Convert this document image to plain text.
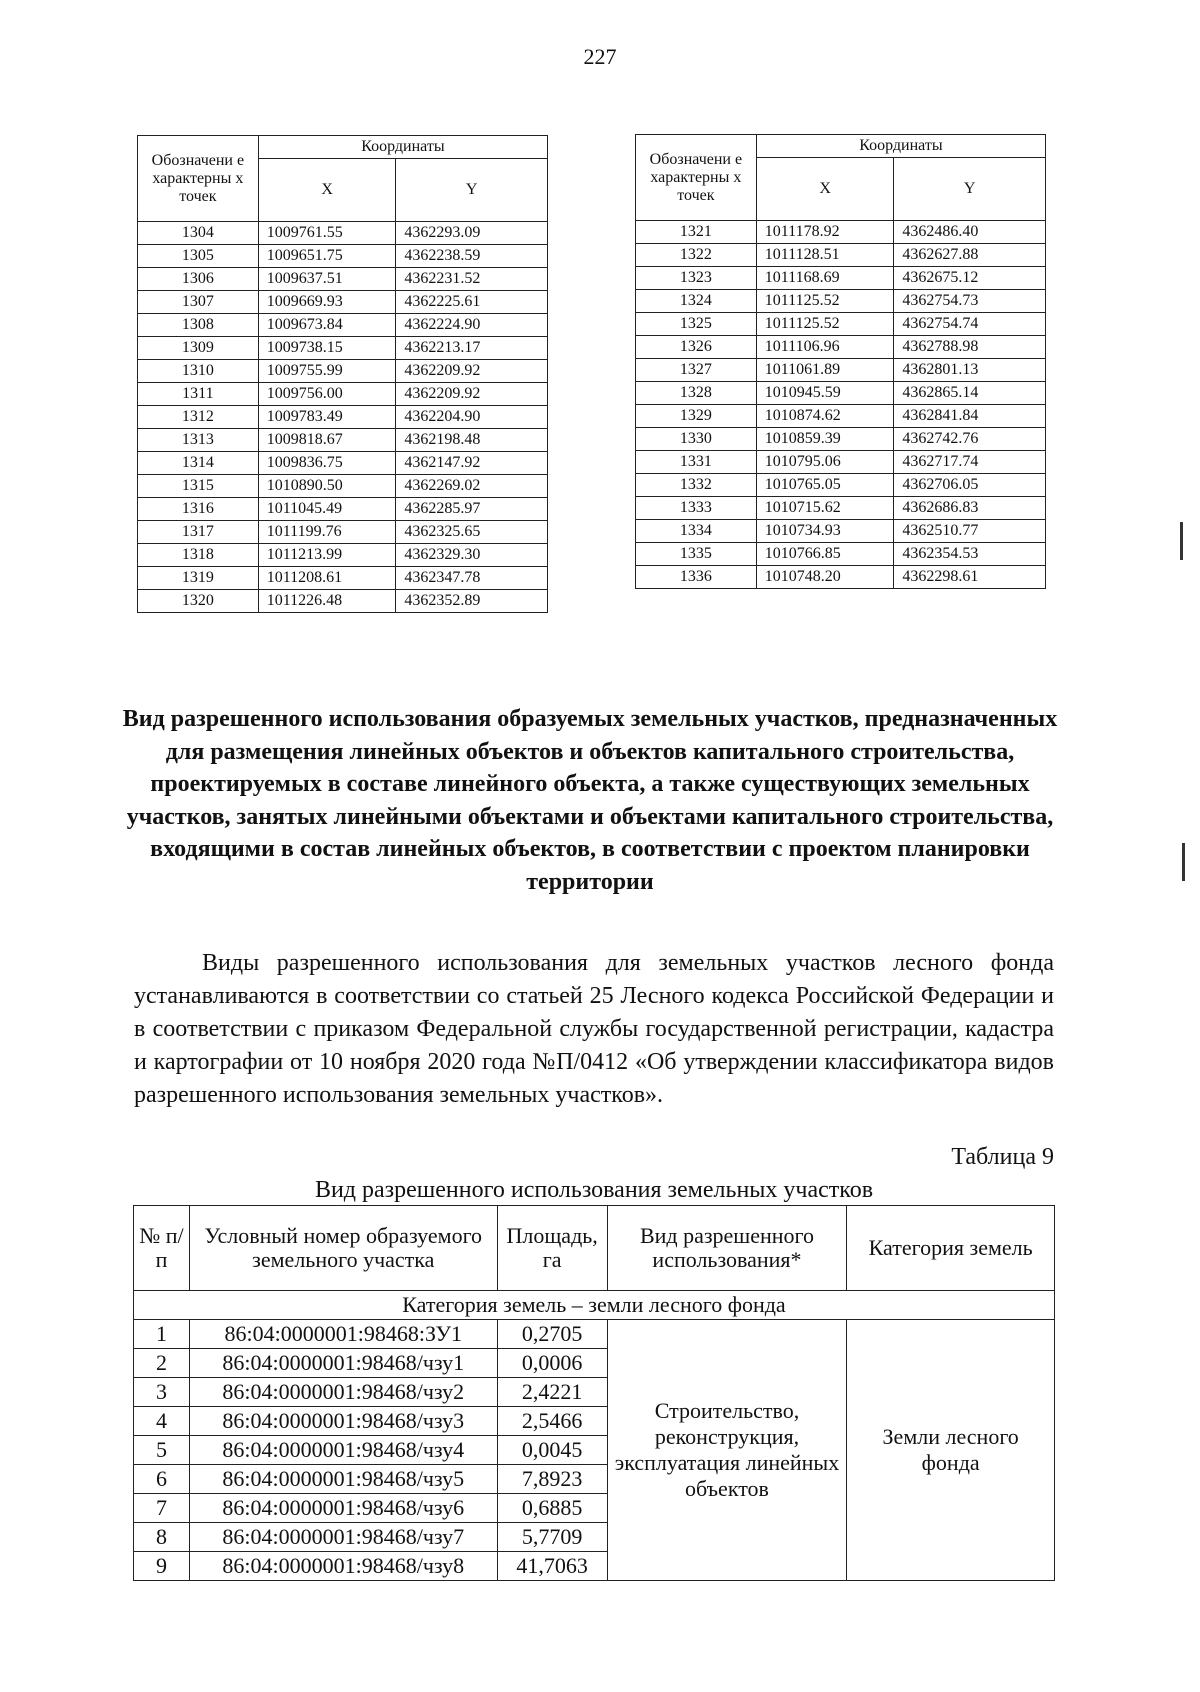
227
Обозначени е характерны х точек	Координаты	
	X	Y
1304	1009761.55	4362293.09
1305	1009651.75	4362238.59
1306	1009637.51	4362231.52
1307	1009669.93	4362225.61
1308	1009673.84	4362224.90
1309	1009738.15	4362213.17
1310	1009755.99	4362209.92
1311	1009756.00	4362209.92
1312	1009783.49	4362204.90
1313	1009818.67	4362198.48
1314	1009836.75	4362147.92
1315	1010890.50	4362269.02
1316	1011045.49	4362285.97
1317	1011199.76	4362325.65
1318	1011213.99	4362329.30
1319	1011208.61	4362347.78
1320	1011226.48	4362352.89
Обозначени е характерны х точек	Координаты	
	X	Y
1321	1011178.92	4362486.40
1322	1011128.51	4362627.88
1323	1011168.69	4362675.12
1324	1011125.52	4362754.73
1325	1011125.52	4362754.74
1326	1011106.96	4362788.98
1327	1011061.89	4362801.13
1328	1010945.59	4362865.14
1329	1010874.62	4362841.84
1330	1010859.39	4362742.76
1331	1010795.06	4362717.74
1332	1010765.05	4362706.05
1333	1010715.62	4362686.83
1334	1010734.93	4362510.77
1335	1010766.85	4362354.53
1336	1010748.20	4362298.61
Вид разрешенного использования образуемых земельных участков, предназначенных для размещения линейных объектов и объектов капитального строительства, проектируемых в составе линейного объекта, а также существующих земельных участков, занятых линейными объектами и объектами капитального строительства, входящими в состав линейных объектов, в соответствии с проектом планировки территории
Виды разрешенного использования для земельных участков лесного фонда устанавливаются в соответствии со статьей 25 Лесного кодекса Российской Федерации и в соответствии с приказом Федеральной службы государственной регистрации, кадастра и картографии от 10 ноября 2020 года №П/0412 «Об утверждении классификатора видов разрешенного использования земельных участков».
Таблица 9
Вид разрешенного использования земельных участков
№ п/п	Условный номер образуемого земельного участка	Площадь, га	Вид разрешенного использования*	Категория земель
Категория земель – земли лесного фонда				
1	86:04:0000001:98468:ЗУ1	0,2705	Строительство, реконструкция, эксплуатация линейных объектов	Земли лесного фонда
2	86:04:0000001:98468/чзу1	0,0006		
3	86:04:0000001:98468/чзу2	2,4221		
4	86:04:0000001:98468/чзу3	2,5466		
5	86:04:0000001:98468/чзу4	0,0045		
6	86:04:0000001:98468/чзу5	7,8923		
7	86:04:0000001:98468/чзу6	0,6885		
8	86:04:0000001:98468/чзу7	5,7709		
9	86:04:0000001:98468/чзу8	41,7063		
